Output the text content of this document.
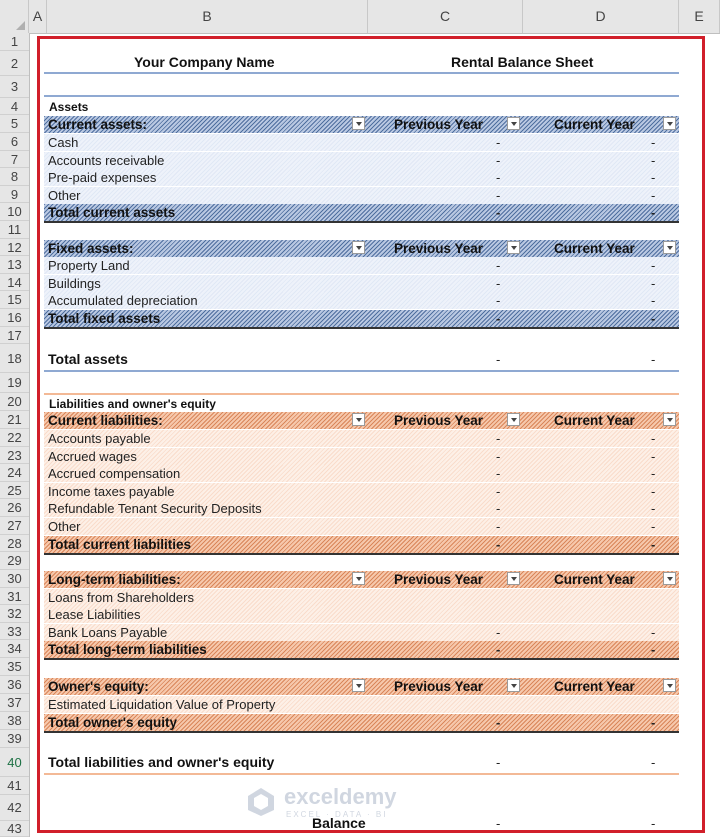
A	B	C	D	E
1
2
3
4
5
6
7
8
9
10
11
12
13
14
15
16
17
18
19
20
21
22
23
24
25
26
27
28
29
30
31
32
33
34
35
36
37
38
39
40
41
42
43
Your Company Name	Rental Balance Sheet
Assets
Current assets:	Previous Year	Current Year
Cash	-	-
Accounts receivable	-	-
Pre-paid expenses	-	-
Other	-	-
Total current assets	-	-
Fixed assets:	Previous Year	Current Year
Property Land	-	-
Buildings	-	-
Accumulated depreciation	-	-
Total fixed assets	-	-
Total assets	-	-
Liabilities and owner's equity
Current liabilities:	Previous Year	Current Year
Accounts payable	-	-
Accrued wages	-	-
Accrued compensation	-	-
Income taxes payable	-	-
Refundable Tenant Security Deposits	-	-
Other	-	-
Total current liabilities	-	-
Long-term liabilities:	Previous Year	Current Year
Loans from Shareholders
Lease Liabilities
Bank Loans Payable	-	-
Total long-term liabilities	-	-
Owner's equity:	Previous Year	Current Year
Estimated Liquidation Value of Property
Total owner's equity	-	-
Total liabilities and owner's equity	-	-
Balance	-	-
exceldemy
EXCEL · DATA · BI
